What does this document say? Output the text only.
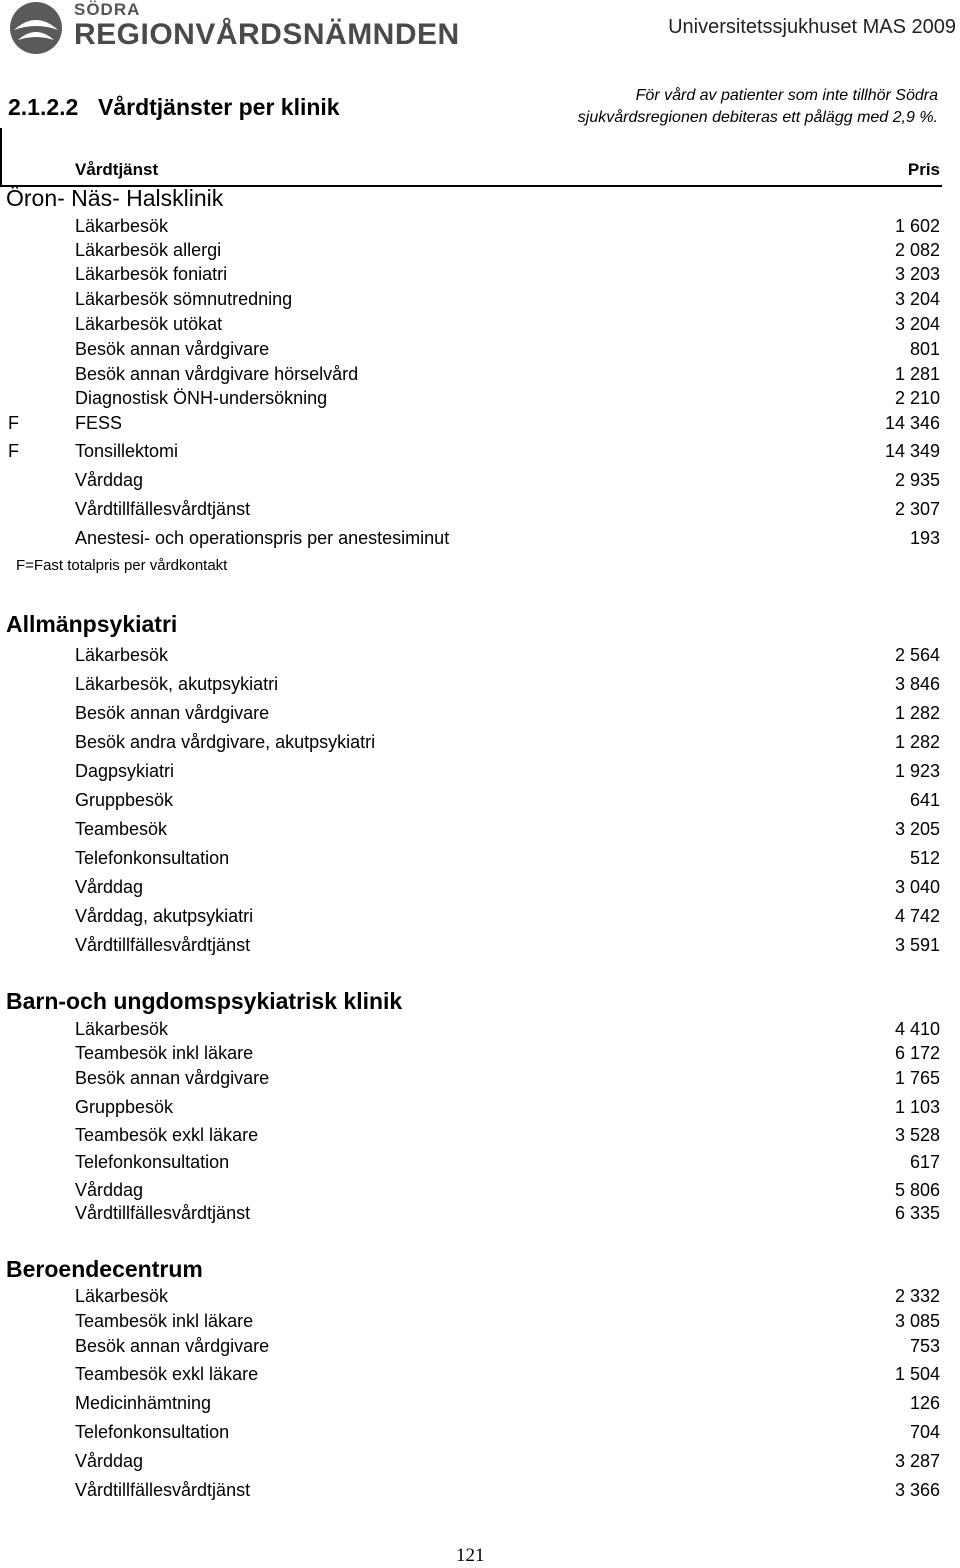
SÖDRA
REGIONVÅRDSNÄMNDEN	Universitetssjukhuset MAS 2009
2.1.2.2 Vårdtjänster per klinik	För vård av patienter som inte tillhör Södra
sjukvårdsregionen debiteras ett pålägg med 2,9 %.
Vårdtjänst	Pris
Öron- Näs- Halsklinik
Läkarbesök	1 602
Läkarbesök allergi	2 082
Läkarbesök foniatri	3 203
Läkarbesök sömnutredning	3 204
Läkarbesök utökat	3 204
Besök annan vårdgivare	801
Besök annan vårdgivare hörselvård	1 281
Diagnostisk ÖNH-undersökning	2 210
F	FESS	14 346
F	Tonsillektomi	14 349
Vårddag	2 935
Vårdtillfällesvårdtjänst	2 307
Anestesi- och operationspris per anestesiminut	193
F=Fast totalpris per vårdkontakt
Allmänpsykiatri
Läkarbesök	2 564
Läkarbesök, akutpsykiatri	3 846
Besök annan vårdgivare	1 282
Besök andra vårdgivare, akutpsykiatri	1 282
Dagpsykiatri	1 923
Gruppbesök	641
Teambesök	3 205
Telefonkonsultation	512
Vårddag	3 040
Vårddag, akutpsykiatri	4 742
Vårdtillfällesvårdtjänst	3 591
Barn-och ungdomspsykiatrisk klinik
Läkarbesök	4 410
Teambesök inkl läkare	6 172
Besök annan vårdgivare	1 765
Gruppbesök	1 103
Teambesök exkl läkare	3 528
Telefonkonsultation	617
Vårddag	5 806
Vårdtillfällesvårdtjänst	6 335
Beroendecentrum
Läkarbesök	2 332
Teambesök inkl läkare	3 085
Besök annan vårdgivare	753
Teambesök exkl läkare	1 504
Medicinhämtning	126
Telefonkonsultation	704
Vårddag	3 287
Vårdtillfällesvårdtjänst	3 366
121
